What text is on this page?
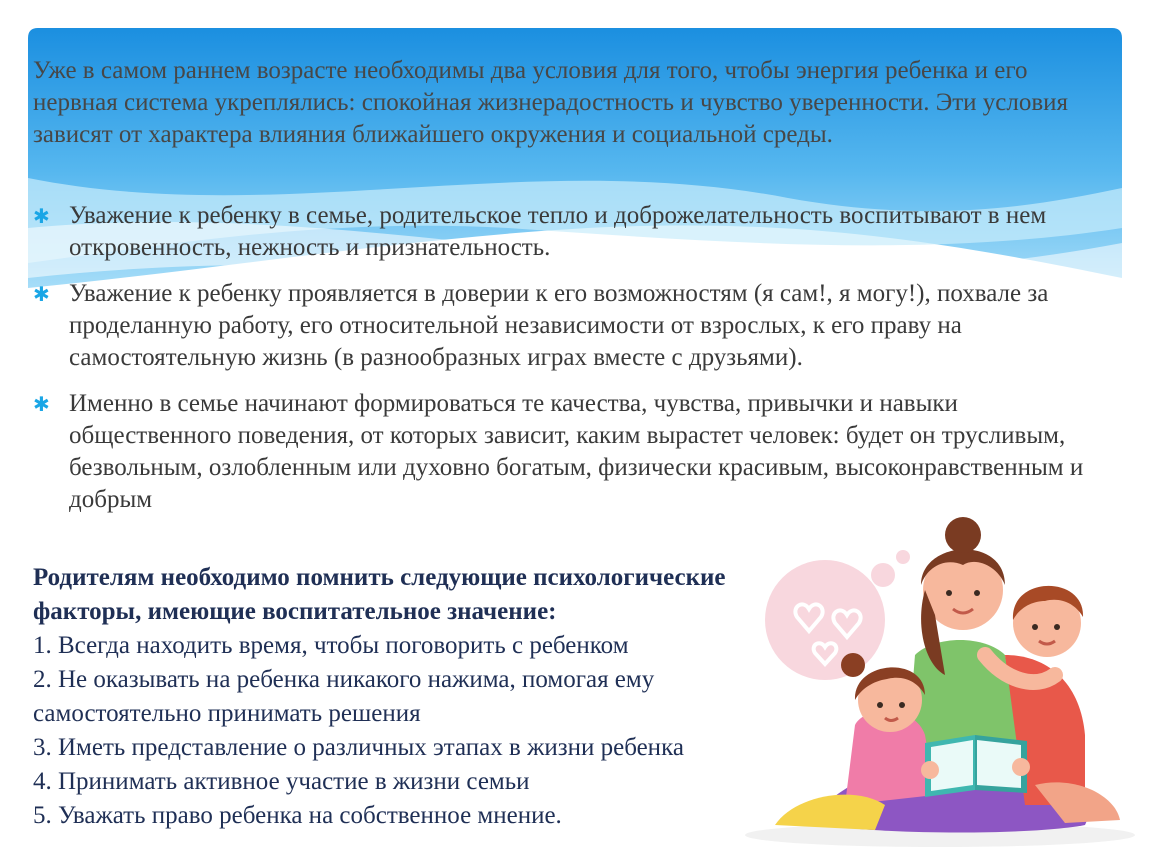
Уже в самом раннем возрасте необходимы два условия для того, чтобы энергия ребенка и его нервная система укреплялись: спокойная жизнерадостность и чувство уверенности. Эти условия зависят от характера влияния ближайшего окружения и социальной среды.
✱ Уважение к ребенку в семье, родительское тепло и доброжелательность воспитывают в нем откровенность, нежность и признательность.
✱ Уважение к ребенку проявляется в доверии к его возможностям (я сам!, я могу!), похвале за проделанную работу, его относительной независимости от взрослых, к его праву на самостоятельную жизнь (в разнообразных играх вместе с друзьями).
✱ Именно в семье начинают формироваться те качества, чувства, привычки и навыки общественного поведения, от которых зависит, каким вырастет человек: будет он трусливым, безвольным, озлобленным или духовно богатым, физически красивым, высоконравственным и добрым
Родителям необходимо помнить следующие психологические
факторы, имеющие воспитательное значение:
1. Всегда находить время, чтобы поговорить с ребенком
2. Не оказывать на ребенка никакого нажима, помогая ему
самостоятельно принимать решения
3. Иметь представление о различных этапах в жизни ребенка
4. Принимать активное участие в жизни семьи
5. Уважать право ребенка на собственное мнение.
